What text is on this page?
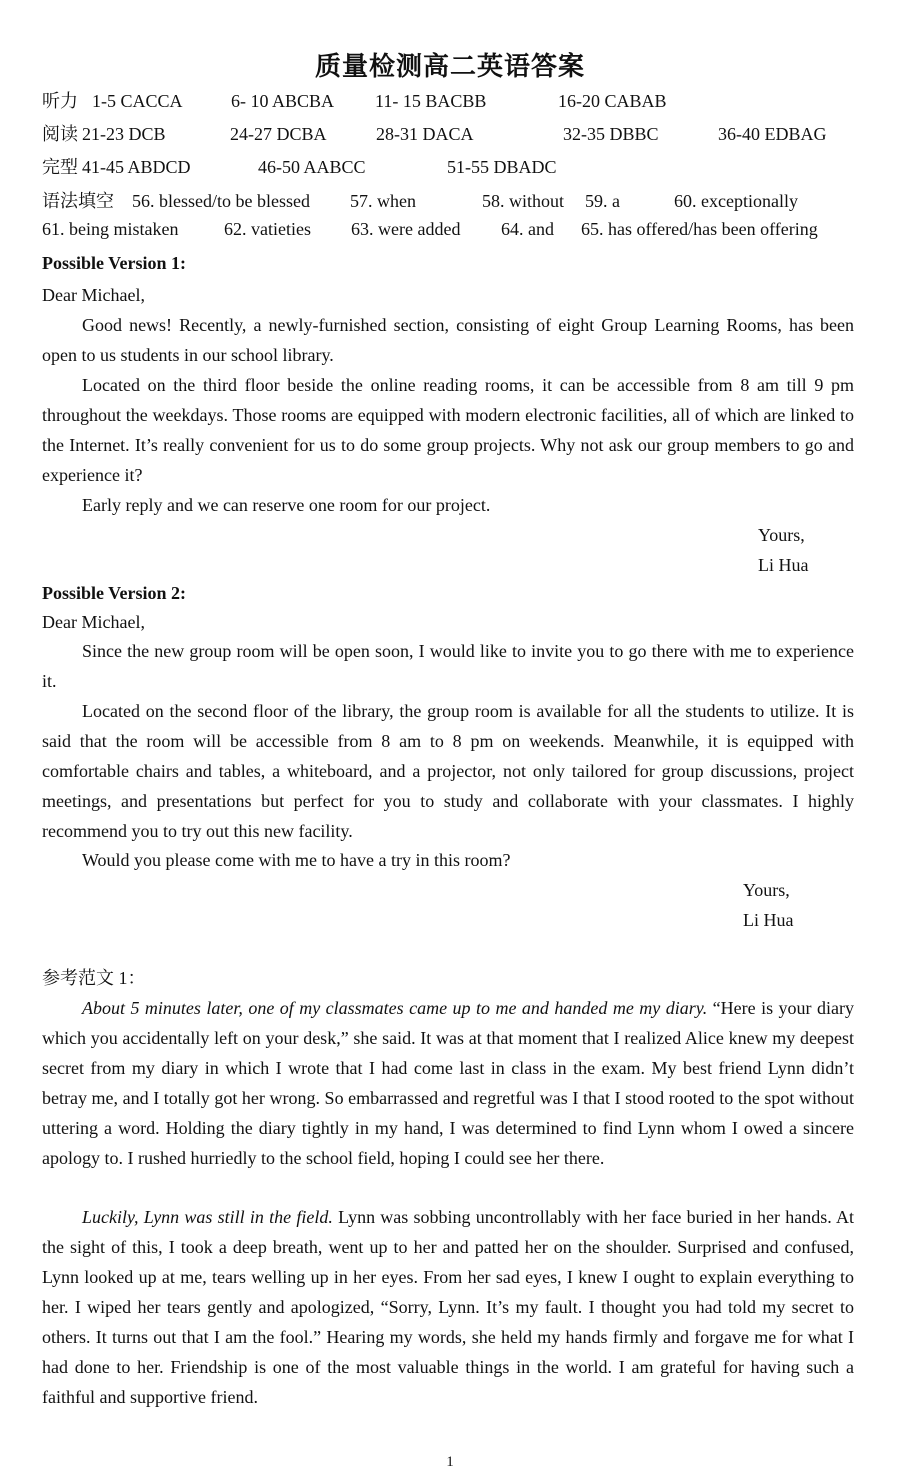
质量检测高二英语答案
听力 1-5 CACCA	6- 10 ABCBA 11- 15 BACBB	16-20 CABAB
阅读 21-23 DCB	24-27 DCBA	28-31 DACA	32-35 DBBC	36-40 EDBAG
完型 41-45 ABDCD	46-50 AABCC	51-55 DBADC
语法填空 56. blessed/to be blessed 57. when	58. without 59. a	60. exceptionally
61. being mistaken	62. vatieties 63. were added 64. and 65. has offered/has been offering
Possible Version 1:
Dear Michael,

Good news! Recently, a newly-furnished section, consisting of eight Group Learning Rooms, has been open to us students in our school library.

Located on the third floor beside the online reading rooms, it can be accessible from 8 am till 9 pm throughout the weekdays. Those rooms are equipped with modern electronic facilities, all of which are linked to the Internet. It’s really convenient for us to do some group projects. Why not ask our group members to go and experience it?

Early reply and we can reserve one room for our project.

Yours,
Li Hua
Possible Version 2:
Dear Michael,

Since the new group room will be open soon, I would like to invite you to go there with me to experience it.

Located on the second floor of the library, the group room is available for all the students to utilize. It is said that the room will be accessible from 8 am to 8 pm on weekends. Meanwhile, it is equipped with comfortable chairs and tables, a whiteboard, and a projector, not only tailored for group discussions, project meetings, and presentations but perfect for you to study and collaborate with your classmates. I highly recommend you to try out this new facility.

Would you please come with me to have a try in this room?

Yours,
Li Hua
参考范文 1：

About 5 minutes later, one of my classmates came up to me and handed me my diary. “Here is your diary which you accidentally left on your desk,” she said. It was at that moment that I realized Alice knew my deepest secret from my diary in which I wrote that I had come last in class in the exam. My best friend Lynn didn’t betray me, and I totally got her wrong. So embarrassed and regretful was I that I stood rooted to the spot without uttering a word. Holding the diary tightly in my hand, I was determined to find Lynn whom I owed a sincere apology to. I rushed hurriedly to the school field, hoping I could see her there.

Luckily, Lynn was still in the field. Lynn was sobbing uncontrollably with her face buried in her hands. At the sight of this, I took a deep breath, went up to her and patted her on the shoulder. Surprised and confused, Lynn looked up at me, tears welling up in her eyes. From her sad eyes, I knew I ought to explain everything to her. I wiped her tears gently and apologized, “Sorry, Lynn. It’s my fault. I thought you had told my secret to others. It turns out that I am the fool.” Hearing my words, she held my hands firmly and forgave me for what I had done to her. Friendship is one of the most valuable things in the world. I am grateful for having such a faithful and supportive friend.

1
